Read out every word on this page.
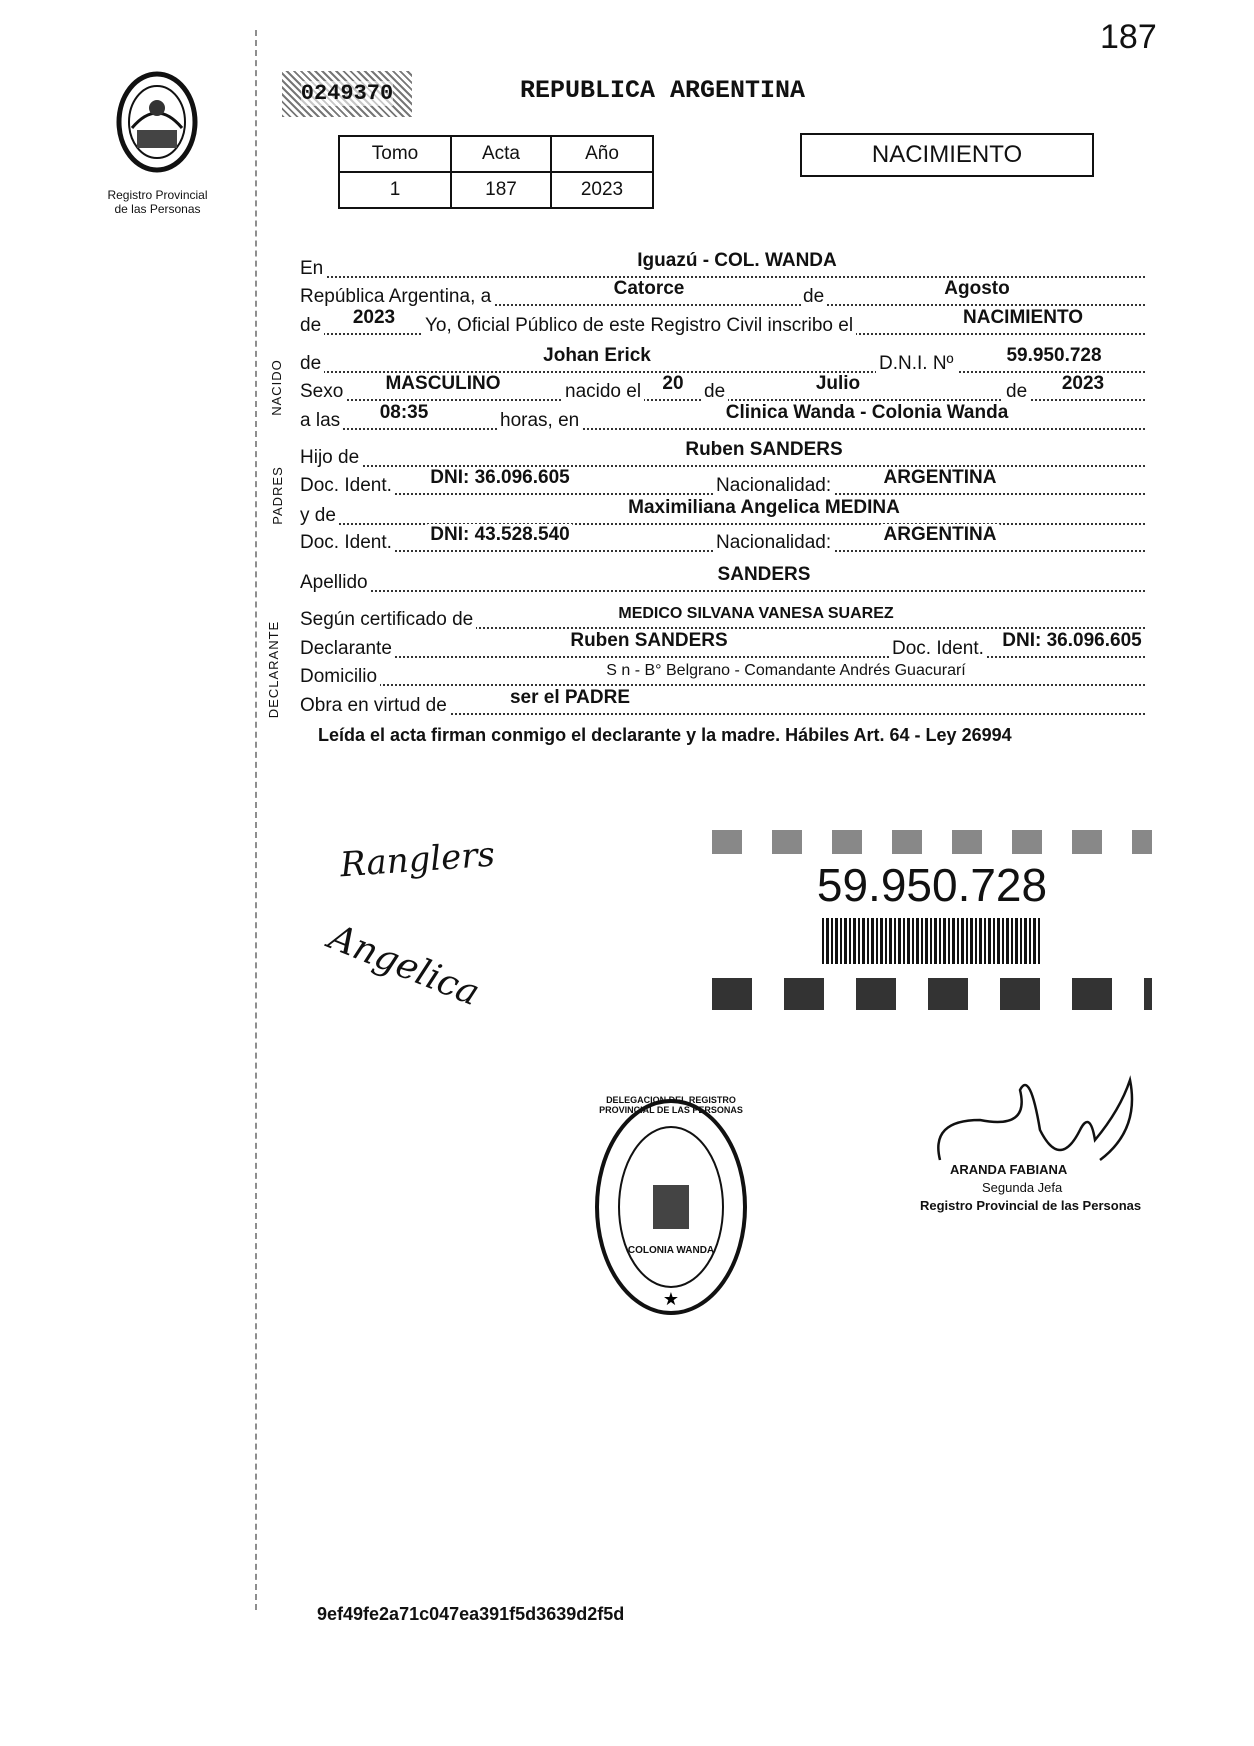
187
Registro Provincial
de las Personas
0249370	REPUBLICA ARGENTINA
Tomo	Acta	Año
1	187	2023
NACIMIENTO
NACIDO
PADRES
DECLARANTE
En	Iguazú - COL. WANDA
República Argentina, a	Catorce	de	Agosto
de 2023 Yo, Oficial Público de este Registro Civil inscribo el	NACIMIENTO
de	Johan Erick	D.N.I. Nº	59.950.728
Sexo MASCULINO	nacido el 20 de	Julio	de 2023
a las 08:35	horas, en	Clinica Wanda - Colonia Wanda
Hijo de	Ruben SANDERS
Doc. Ident. DNI: 36.096.605	Nacionalidad:	ARGENTINA
y de	Maximiliana Angelica MEDINA
Doc. Ident. DNI: 43.528.540	Nacionalidad:	ARGENTINA
Apellido	SANDERS
Según certificado de	MEDICO SILVANA VANESA SUAREZ
Declarante	Ruben SANDERS	Doc. Ident. DNI: 36.096.605
Domicilio	S n - B° Belgrano - Comandante Andrés Guacurarí
Obra en virtud de	ser el PADRE
Leída el acta firman conmigo el declarante y la madre. Hábiles Art. 64 - Ley 26994
Ranglers
Angelica
59.950.728
★
DELEGACION DEL REGISTRO PROVINCIAL DE LAS PERSONAS
COLONIA WANDA
ARANDA FABIANA
Segunda Jefa
Registro Provincial de las Personas
9ef49fe2a71c047ea391f5d3639d2f5d
